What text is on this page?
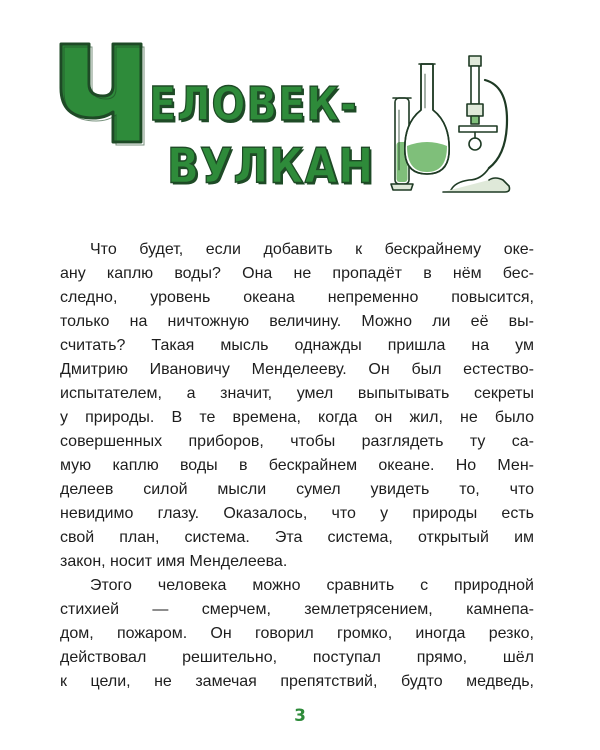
Ч ЕЛОВЕК-
ВУЛКАН
Что будет, если добавить к бескрайнему оке-
ану каплю воды? Она не пропадёт в нём бес-
следно, уровень океана непременно повысится,
только на ничтожную величину. Можно ли её вы-
считать? Такая мысль однажды пришла на ум
Дмитрию Ивановичу Менделееву. Он был естество-
испытателем, а значит, умел выпытывать секреты
у природы. В те времена, когда он жил, не было
совершенных приборов, чтобы разглядеть ту са-
мую каплю воды в бескрайнем океане. Но Мен-
делеев силой мысли сумел увидеть то, что
невидимо глазу. Оказалось, что у природы есть
свой план, система. Эта система, открытый им
закон, носит имя Менделеева.
Этого человека можно сравнить с природной
стихией — смерчем, землетрясением, камнепа-
дом, пожаром. Он говорил громко, иногда резко,
действовал решительно, поступал прямо, шёл
к цели, не замечая препятствий, будто медведь,
3
